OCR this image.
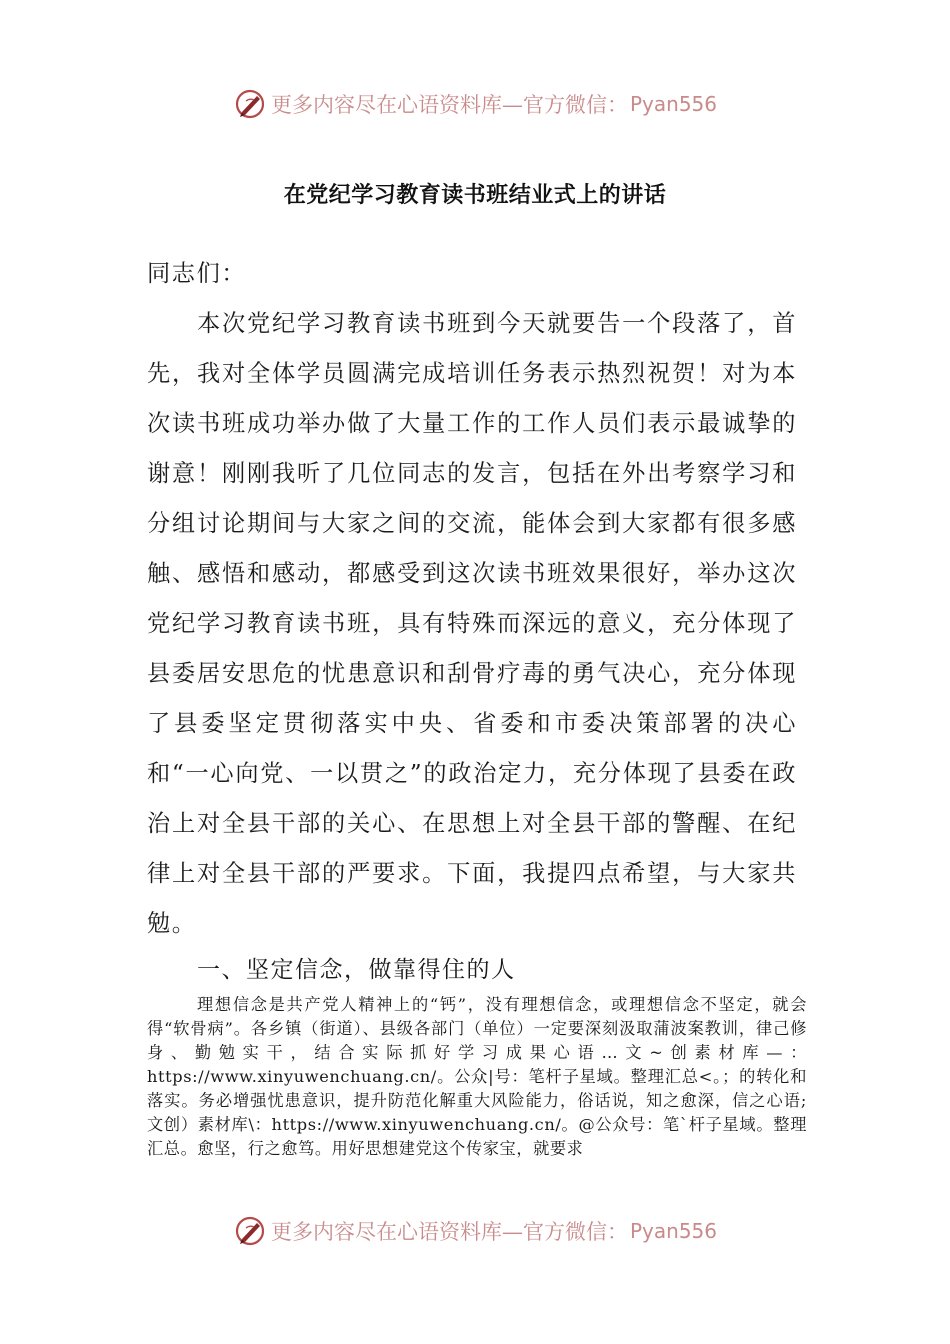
更多内容尽在心语资料库—官方微信： Pyan556
在党纪学习教育读书班结业式上的讲话
同志们：
本次党纪学习教育读书班到今天就要告一个段落了，首先，我对全体学员圆满完成培训任务表示热烈祝贺！对为本次读书班成功举办做了大量工作的工作人员们表示最诚挚的谢意！刚刚我听了几位同志的发言，包括在外出考察学习和分组讨论期间与大家之间的交流，能体会到大家都有很多感触、感悟和感动，都感受到这次读书班效果很好，举办这次党纪学习教育读书班，具有特殊而深远的意义，充分体现了县委居安思危的忧患意识和刮骨疗毒的勇气决心，充分体现了县委坚定贯彻落实中央、省委和市委决策部署的决心和“一心向党、一以贯之”的政治定力，充分体现了县委在政治上对全县干部的关心、在思想上对全县干部的警醒、在纪律上对全县干部的严要求。下面，我提四点希望，与大家共勉。
一、坚定信念，做靠得住的人
理想信念是共产党人精神上的“钙”，没有理想信念，或理想信念不坚定，就会得“软骨病”。各乡镇（街道）、县级各部门（单位）一定要深刻汲取蒲波案教训，律己修身、勤勉实干，结合实际抓好学习成果心语…文~创素材库—：https://www.xinyuwenchuang.cn/。公众|号：笔杆子星域。整理汇总<。；的转化和落实。务必增强忧患意识，提升防范化解重大风险能力，俗话说，知之愈深，信之心语;文创）素材库\：https://www.xinyuwenchuang.cn/。@公众号：笔`杆子星域。整理汇总。愈坚，行之愈笃。用好思想建党这个传家宝，就要求
更多内容尽在心语资料库—官方微信： Pyan556
